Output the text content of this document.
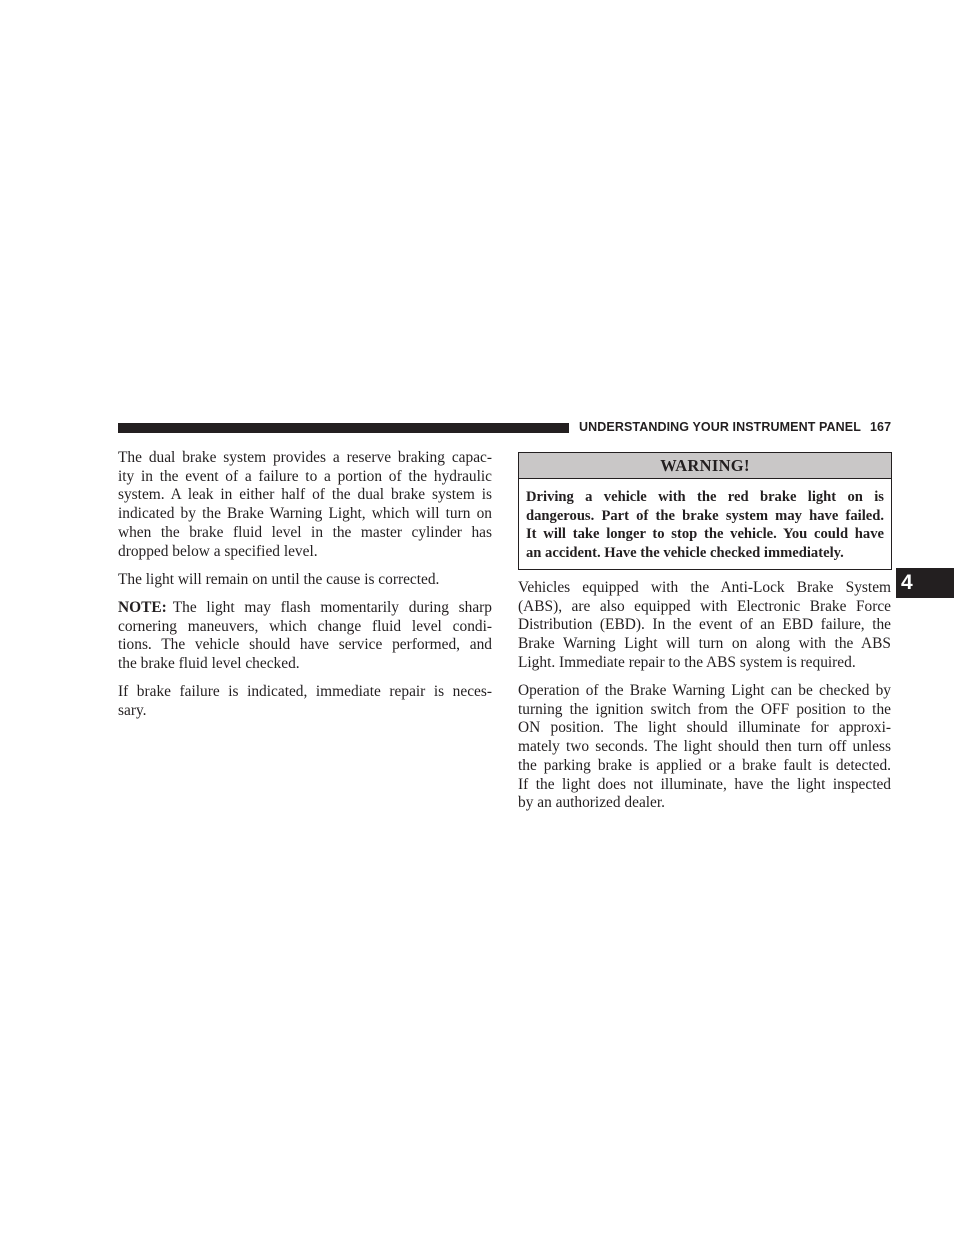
UNDERSTANDING YOUR INSTRUMENT PANEL 167
4
The dual brake system provides a reserve braking capac-
ity in the event of a failure to a portion of the hydraulic
system. A leak in either half of the dual brake system is
indicated by the Brake Warning Light, which will turn on
when the brake fluid level in the master cylinder has
dropped below a specified level.
The light will remain on until the cause is corrected.
NOTE: The light may flash momentarily during sharp
cornering maneuvers, which change fluid level condi-
tions. The vehicle should have service performed, and
the brake fluid level checked.
If brake failure is indicated, immediate repair is neces-
sary.
WARNING!
Driving a vehicle with the red brake light on is
dangerous. Part of the brake system may have failed.
It will take longer to stop the vehicle. You could have
an accident. Have the vehicle checked immediately.
Vehicles equipped with the Anti-Lock Brake System
(ABS), are also equipped with Electronic Brake Force
Distribution (EBD). In the event of an EBD failure, the
Brake Warning Light will turn on along with the ABS
Light. Immediate repair to the ABS system is required.
Operation of the Brake Warning Light can be checked by
turning the ignition switch from the OFF position to the
ON position. The light should illuminate for approxi-
mately two seconds. The light should then turn off unless
the parking brake is applied or a brake fault is detected.
If the light does not illuminate, have the light inspected
by an authorized dealer.
